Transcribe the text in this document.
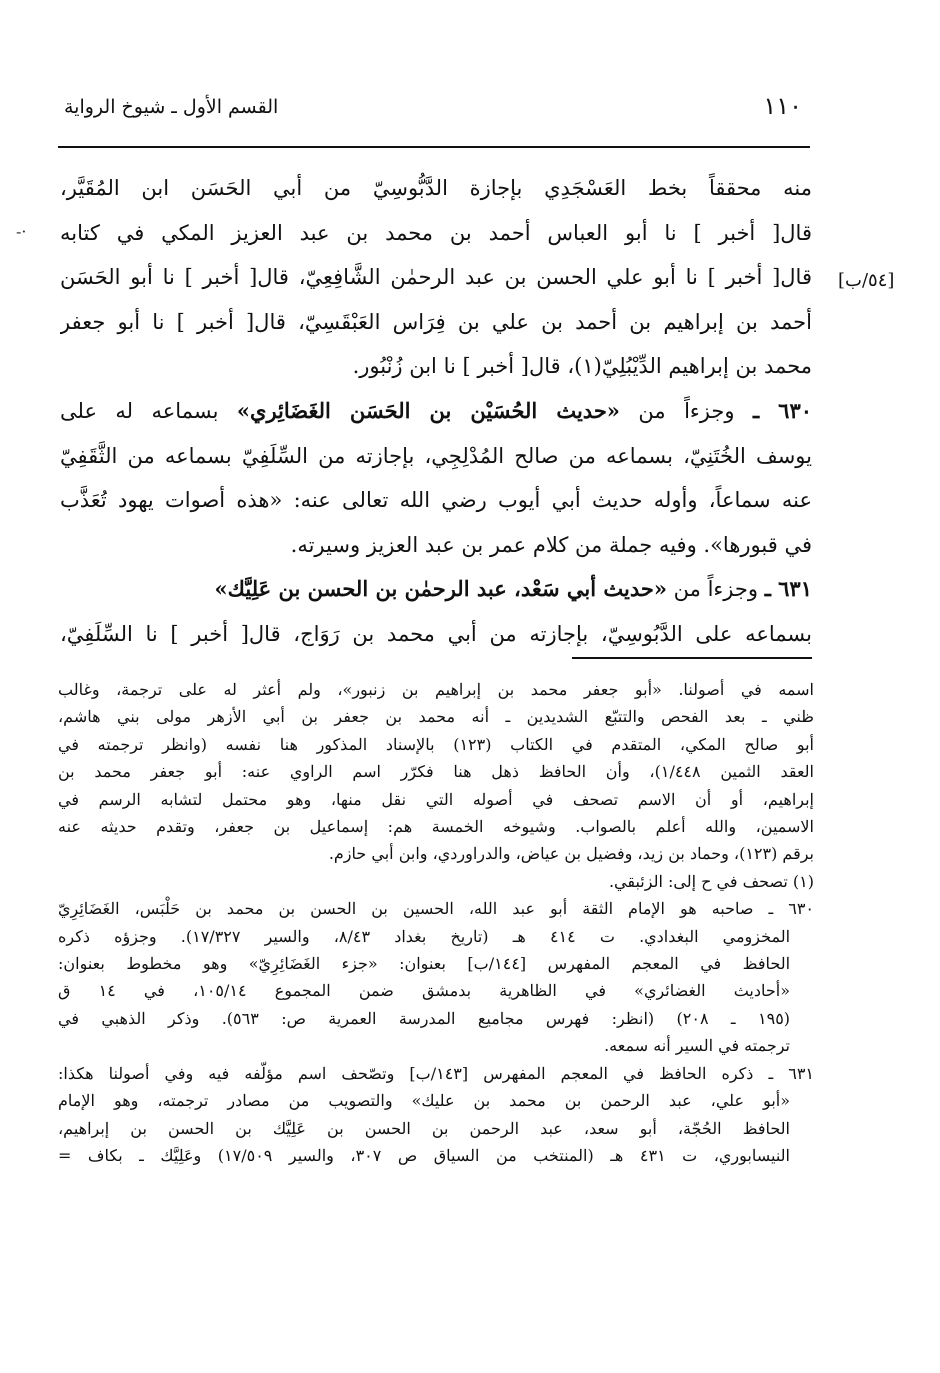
١١٠
القسم الأول ـ شيوخ الرواية
[٥٤/ب]
-·
منه محققاً بخط العَسْجَدِي بإجازة الدَّبُّوسِيّ من أبي الحَسَن ابن المُقَيَّر،
قال[ أخبر ] نا أبو العباس أحمد بن محمد بن عبد العزيز المكي في كتابه
قال[ أخبر ] نا أبو علي الحسن بن عبد الرحمٰن الشَّافِعِيّ، قال[ أخبر ] نا أبو الحَسَن
أحمد بن إبراهيم بن أحمد بن علي بن فِرَاس العَبْقَسِيّ، قال[ أخبر ] نا أبو جعفر
محمد بن إبراهيم الدِّيْبُلِيّ(١)، قال[ أخبر ] نا ابن زُنْبُور.
٦٣٠ ـ وجزءاً من «حديث الحُسَيْن بن الحَسَن الغَضَائِري» بسماعه له على
يوسف الخُتَنِيّ، بسماعه من صالح المُدْلِجِي، بإجازته من السِّلَفِيّ بسماعه من الثَّقَفِيّ
عنه سماعاً، وأوله حديث أبي أيوب رضي الله تعالى عنه: «هذه أصوات يهود تُعَذَّب
في قبورها». وفيه جملة من كلام عمر بن عبد العزيز وسيرته.
٦٣١ ـ وجزءاً من «حديث أبي سَعْد، عبد الرحمٰن بن الحسن بن عَلِيَّك»
بسماعه على الدَّبُوسِيّ، بإجازته من أبي محمد بن رَوَاج، قال[ أخبر ] نا السِّلَفِيّ،
اسمه في أصولنا. «أبو جعفر محمد بن إبراهيم بن زنبور»، ولم أعثر له على ترجمة، وغالب
ظني ـ بعد الفحص والتتبّع الشديدين ـ أنه محمد بن جعفر بن أبي الأزهر مولى بني هاشم،
أبو صالح المكي، المتقدم في الكتاب (١٢٣) بالإسناد المذكور هنا نفسه (وانظر ترجمته في
العقد الثمين ١/٤٤٨)، وأن الحافظ ذهل هنا فكرّر اسم الراوي عنه: أبو جعفر محمد بن
إبراهيم، أو أن الاسم تصحف في أصوله التي نقل منها، وهو محتمل لتشابه الرسم في
الاسمين، والله أعلم بالصواب. وشيوخه الخمسة هم: إسماعيل بن جعفر، وتقدم حديثه عنه
برقم (١٢٣)، وحماد بن زيد، وفضيل بن عياض، والدراوردي، وابن أبي حازم.
(١) تصحف في ح إلى: الزئبقي.
٦٣٠ ـ صاحبه هو الإمام الثقة أبو عبد الله، الحسين بن الحسن بن محمد بن حَلْبَس، الغَضَائِرِيّ
المخزومي البغدادي. ت ٤١٤ هـ (تاريخ بغداد ٨/٤٣، والسير ١٧/٣٢٧). وجزؤه ذكره
الحافظ في المعجم المفهرس [١٤٤/ب] بعنوان: «جزء الغَضَائِرِيّ» وهو مخطوط بعنوان:
«أحاديث الغضائري» في الظاهرية بدمشق ضمن المجموع ١٠٥/١٤، في ١٤ ق
(١٩٥ ـ ٢٠٨) (انظر: فهرس مجاميع المدرسة العمرية ص: ٥٦٣). وذكر الذهبي في
ترجمته في السير أنه سمعه.
٦٣١ ـ ذكره الحافظ في المعجم المفهرس [١٤٣/ب] وتصّحف اسم مؤلّفه فيه وفي أصولنا هكذا:
«أبو علي، عبد الرحمن بن محمد بن عليك» والتصويب من مصادر ترجمته، وهو الإمام
الحافظ الحُجّة، أبو سعد، عبد الرحمن بن الحسن بن عَلِيَّك بن الحسن بن إبراهيم،
النيسابوري، ت ٤٣١ هـ (المنتخب من السياق ص ٣٠٧، والسير ١٧/٥٠٩) وعَلِيَّك ـ بكاف =
